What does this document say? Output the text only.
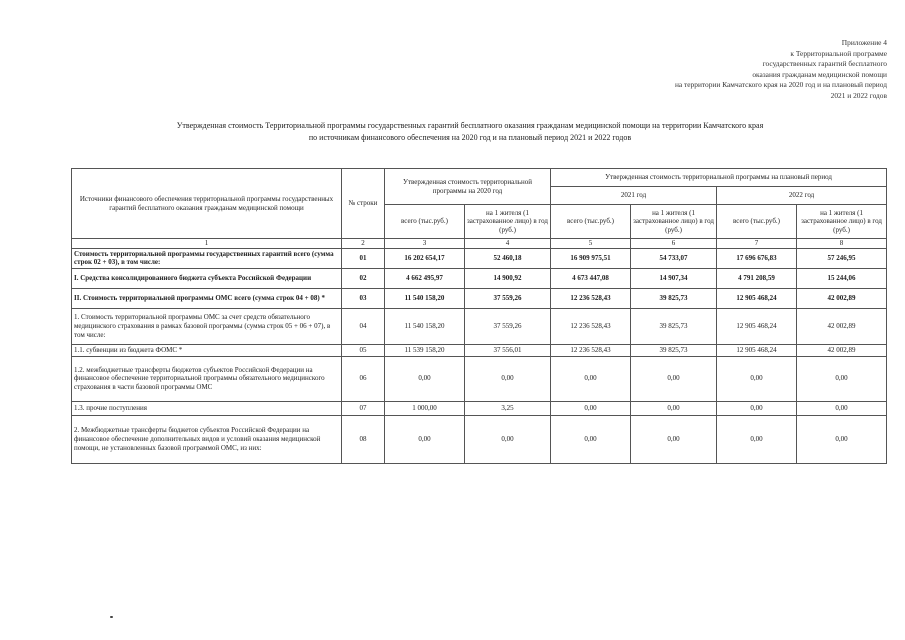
Приложение 4
к Территориальной программе
государственных гарантий бесплатного
оказания гражданам медицинской помощи
на территории Камчатского края на 2020 год и на плановый период
2021 и 2022 годов
Утвержденная стоимость Территориальной программы государственных гарантий бесплатного оказания гражданам медицинской помощи на территории Камчатского края
по источникам финансового обеспечения на 2020 год и на плановый период 2021 и 2022 годов
Источники финансового обеспечения территориальной программы государственных гарантий бесплатного оказания гражданам медицинской помощи	№ строки	Утвержденная стоимость территориальной программы на 2020 год		Утвержденная стоимость территориальной программы на плановый период			
				2021 год		2022 год	
		всего (тыс.руб.)	на 1 жителя (1 застрахованное лицо) в год (руб.)	всего (тыс.руб.)	на 1 жителя (1 застрахованное лицо) в год (руб.)	всего (тыс.руб.)	на 1 жителя (1 застрахованное лицо) в год (руб.)
1	2	3	4	5	6	7	8
Стоимость территориальной программы государственных гарантий всего (сумма строк 02 + 03), в том числе:	01	16 202 654,17	52 460,18	16 909 975,51	54 733,07	17 696 676,83	57 246,95
I. Средства консолидированного бюджета субъекта Российской Федерации	02	4 662 495,97	14 900,92	4 673 447,08	14 907,34	4 791 208,59	15 244,06
II. Стоимость территориальной программы ОМС всего (сумма строк 04 + 08) *	03	11 540 158,20	37 559,26	12 236 528,43	39 825,73	12 905 468,24	42 002,89
1. Стоимость территориальной программы ОМС за счет средств обязательного медицинского страхования в рамках базовой программы (сумма строк 05 + 06 + 07), в том числе:	04	11 540 158,20	37 559,26	12 236 528,43	39 825,73	12 905 468,24	42 002,89
1.1. субвенции из бюджета ФОМС *	05	11 539 158,20	37 556,01	12 236 528,43	39 825,73	12 905 468,24	42 002,89
1.2. межбюджетные трансферты бюджетов субъектов Российской Федерации на финансовое обеспечение территориальной программы обязательного медицинского страхования в части базовой программы ОМС	06	0,00	0,00	0,00	0,00	0,00	0,00
1.3. прочие поступления	07	1 000,00	3,25	0,00	0,00	0,00	0,00
2. Межбюджетные трансферты бюджетов субъектов Российской Федерации на финансовое обеспечение дополнительных видов и условий оказания медицинской помощи, не установленных базовой программой ОМС, из них:	08	0,00	0,00	0,00	0,00	0,00	0,00
